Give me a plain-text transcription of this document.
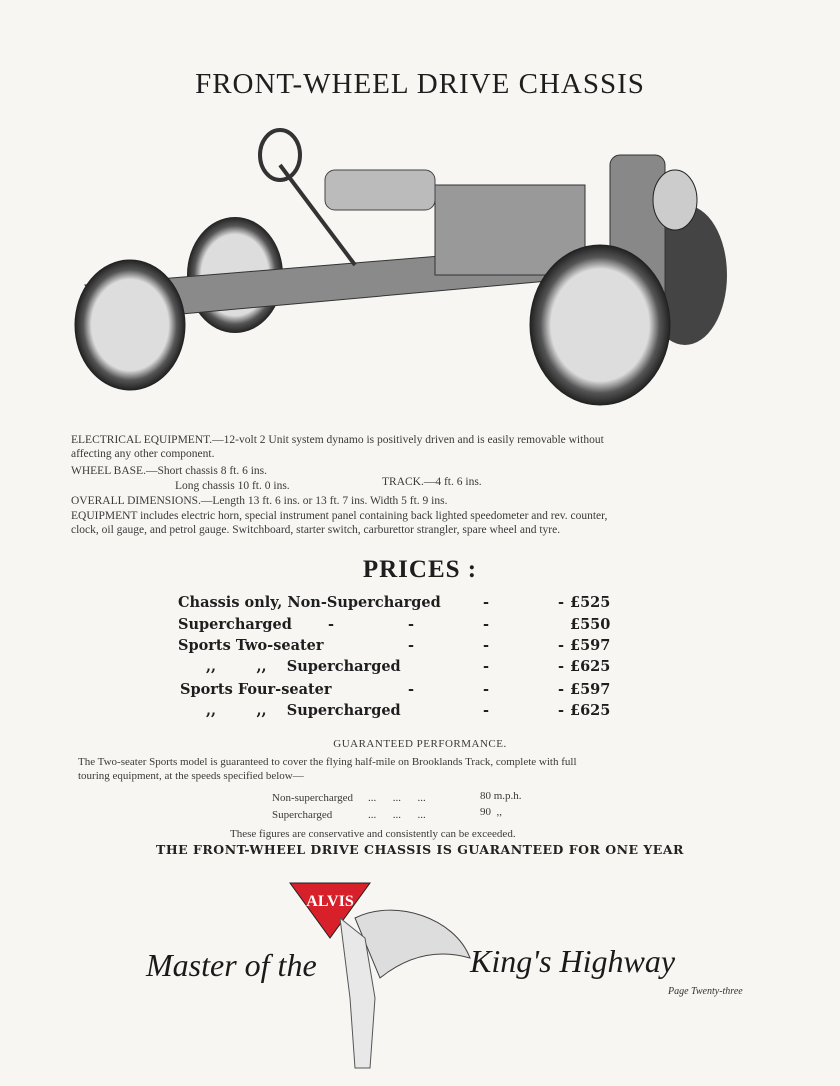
FRONT-WHEEL DRIVE CHASSIS
ELECTRICAL EQUIPMENT.—12-volt 2 Unit system dynamo is positively driven and is easily removable without
affecting any other component.
WHEEL BASE.—Short chassis 8 ft. 6 ins.
Long chassis 10 ft. 0 ins.	TRACK.—4 ft. 6 ins.
OVERALL DIMENSIONS.—Length 13 ft. 6 ins. or 13 ft. 7 ins. Width 5 ft. 9 ins.
EQUIPMENT includes electric horn, special instrument panel containing back lighted speedometer and rev. counter,
clock, oil gauge, and petrol gauge. Switchboard, starter switch, carburettor strangler, spare wheel and tyre.
PRICES :
Chassis only, Non-Supercharged	-	- £525
Supercharged -	-	-	£550
Sports Two-seater	-	-	- £597
,,        ,,    Supercharged	-	- £625
Sports Four-seater	-	-	- £597
,,        ,,    Supercharged	-	- £625
GUARANTEED PERFORMANCE.
The Two-seater Sports model is guaranteed to cover the flying half-mile on Brooklands Track, complete with full
touring equipment, at the speeds specified below—
Non-supercharged ...      ...      ...	80 m.p.h.
Supercharged	...      ...      ...	90  ,,
These figures are conservative and consistently can be exceeded.
THE FRONT-WHEEL DRIVE CHASSIS IS GUARANTEED FOR ONE YEAR
ALVIS
Master of the	King's Highway
Page Twenty-three
